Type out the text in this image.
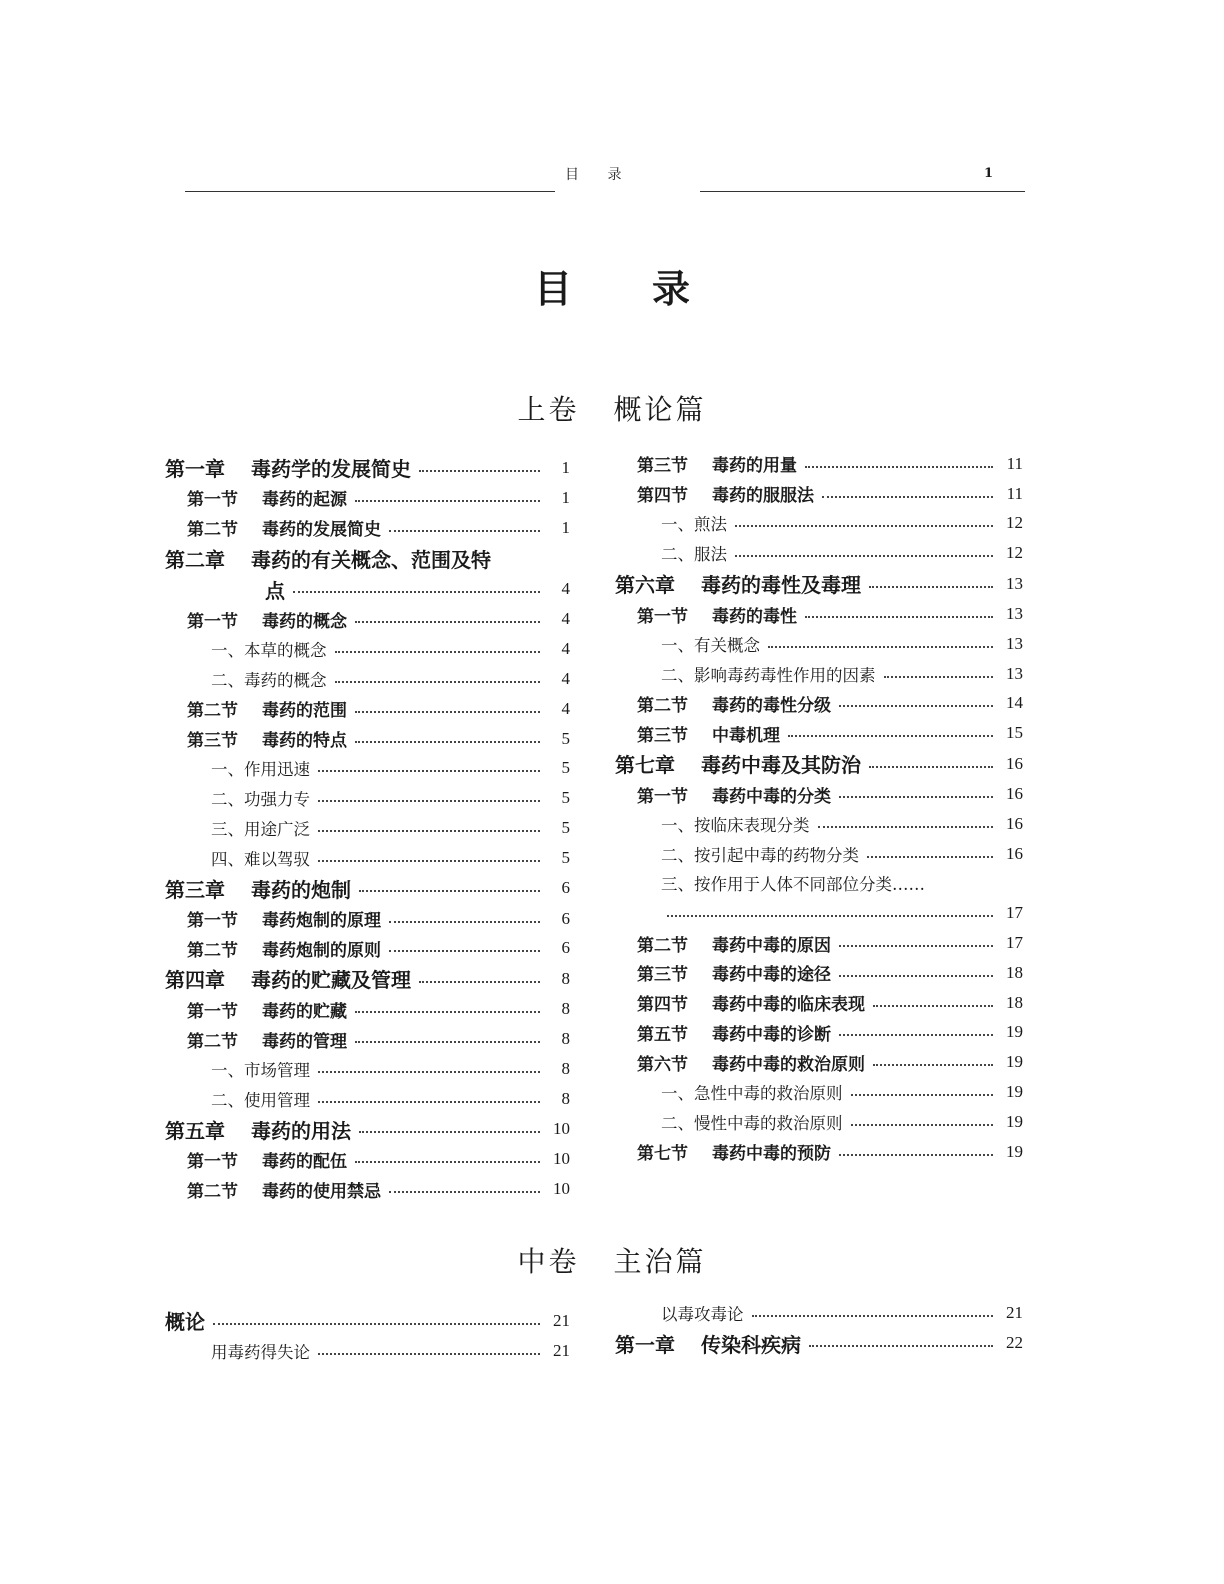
目 录	1
目录
上卷 概论篇
第一章 毒药学的发展简史	1
第一节 毒药的起源	1
第二节 毒药的发展简史	1
第二章 毒药的有关概念、范围及特
点	4
第一节 毒药的概念	4
一、本草的概念	4
二、毒药的概念	4
第二节 毒药的范围	4
第三节 毒药的特点	5
一、作用迅速	5
二、功强力专	5
三、用途广泛	5
四、难以驾驭	5
第三章 毒药的炮制	6
第一节 毒药炮制的原理	6
第二节 毒药炮制的原则	6
第四章 毒药的贮藏及管理	8
第一节 毒药的贮藏	8
第二节 毒药的管理	8
一、市场管理	8
二、使用管理	8
第五章 毒药的用法	10
第一节 毒药的配伍	10
第二节 毒药的使用禁忌	10
第三节 毒药的用量	11
第四节 毒药的服服法	11
一、煎法	12
二、服法	12
第六章 毒药的毒性及毒理	13
第一节 毒药的毒性	13
一、有关概念	13
二、影响毒药毒性作用的因素	13
第二节 毒药的毒性分级	14
第三节 中毒机理	15
第七章 毒药中毒及其防治	16
第一节 毒药中毒的分类	16
一、按临床表现分类	16
二、按引起中毒的药物分类	16
三、按作用于人体不同部位分类……
17
第二节 毒药中毒的原因	17
第三节 毒药中毒的途径	18
第四节 毒药中毒的临床表现	18
第五节 毒药中毒的诊断	19
第六节 毒药中毒的救治原则	19
一、急性中毒的救治原则	19
二、慢性中毒的救治原则	19
第七节 毒药中毒的预防	19
中卷 主治篇
概论	21
用毒药得失论	21
以毒攻毒论	21
第一章 传染科疾病	22
